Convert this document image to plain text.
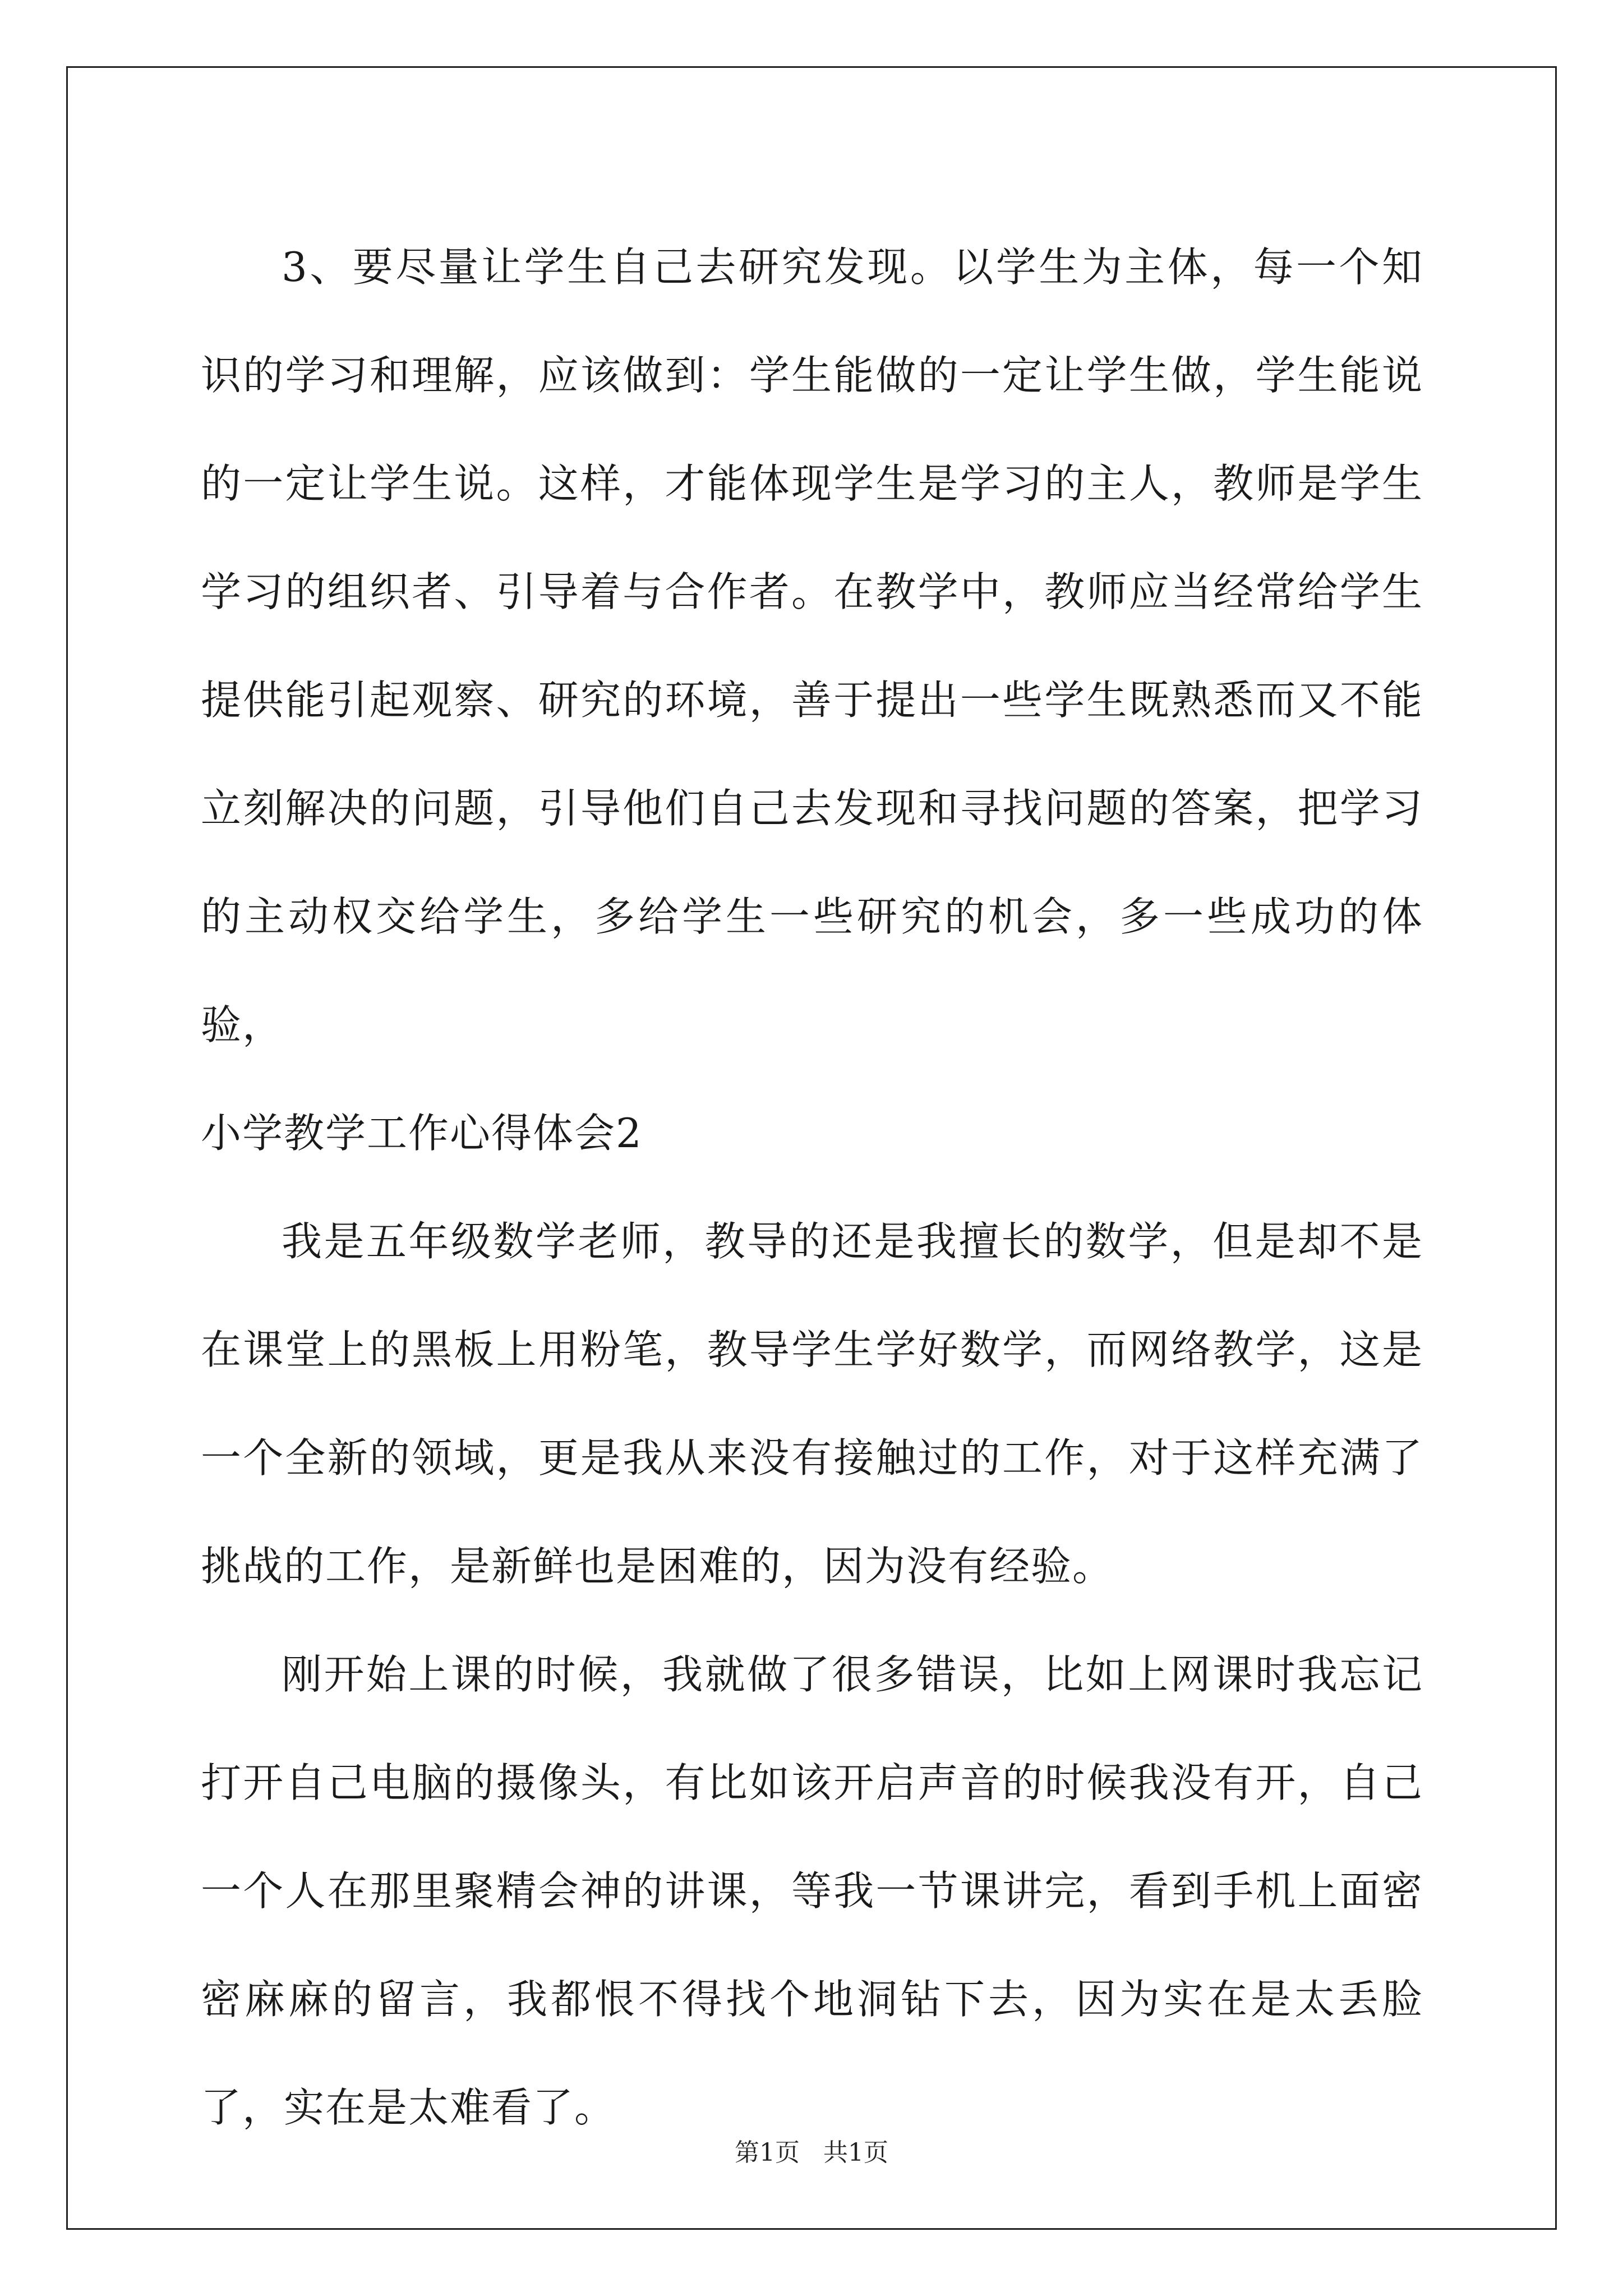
3、要尽量让学生自己去研究发现。以学生为主体，每一个知识的学习和理解，应该做到：学生能做的一定让学生做，学生能说的一定让学生说。这样，才能体现学生是学习的主人，教师是学生学习的组织者、引导着与合作者。在教学中，教师应当经常给学生提供能引起观察、研究的环境，善于提出一些学生既熟悉而又不能立刻解决的问题，引导他们自己去发现和寻找问题的答案，把学习的主动权交给学生，多给学生一些研究的机会，多一些成功的体验，

小学教学工作心得体会2

我是五年级数学老师，教导的还是我擅长的数学，但是却不是在课堂上的黑板上用粉笔，教导学生学好数学，而网络教学，这是一个全新的领域，更是我从来没有接触过的工作，对于这样充满了挑战的工作，是新鲜也是困难的，因为没有经验。

刚开始上课的时候，我就做了很多错误，比如上网课时我忘记打开自己电脑的摄像头，有比如该开启声音的时候我没有开，自己一个人在那里聚精会神的讲课，等我一节课讲完，看到手机上面密密麻麻的留言，我都恨不得找个地洞钻下去，因为实在是太丢脸了，实在是太难看了。

第1页   共1页
